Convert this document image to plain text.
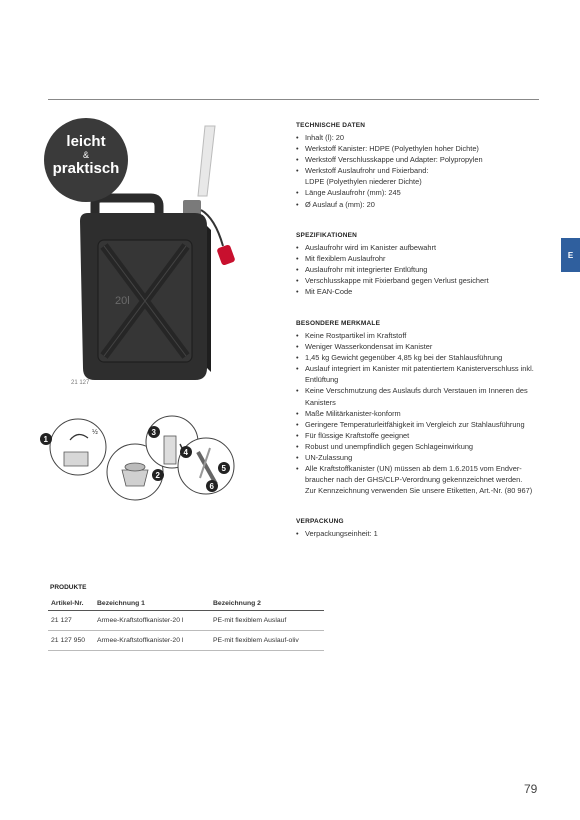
20l
leicht
&
praktisch
21 127
½
1
2
3
4
5
6
TECHNISCHE DATEN
• Inhalt (l): 20
• Werkstoff Kanister: HDPE (Polyethylen hoher Dichte)
• Werkstoff Verschlusskappe und Adapter: Polypropylen
• Werkstoff Auslaufrohr und Fixierband:
LDPE (Polyethylen niederer Dichte)
• Länge Auslaufrohr (mm): 245
• Ø Auslauf a (mm): 20
SPEZIFIKATIONEN
• Auslaufrohr wird im Kanister aufbewahrt
• Mit flexiblem Auslaufrohr
• Auslaufrohr mit integrierter Entlüftung
• Verschlusskappe mit Fixierband gegen Verlust gesichert
• Mit EAN-Code
BESONDERE MERKMALE
• Keine Rostpartikel im Kraftstoff
• Weniger Wasserkondensat im Kanister
• 1,45 kg Gewicht gegenüber 4,85 kg bei der Stahlausführung
• Auslauf integriert im Kanister mit patentiertem Kanisterverschluss inkl.
Entlüftung
• Keine Verschmutzung des Auslaufs durch Verstauen im Inneren des
Kanisters
• Maße Militärkanister-konform
• Geringere Temperaturleitfähigkeit im Vergleich zur Stahlausführung
• Für flüssige Kraftstoffe geeignet
• Robust und unempfindlich gegen Schlageinwirkung
• UN-Zulassung
• Alle Kraftstoffkanister (UN) müssen ab dem 1.6.2015 vom Endver-
braucher nach der GHS/CLP-Verordnung gekennzeichnet werden.
Zur Kennzeichnung verwenden Sie unsere Etiketten, Art.-Nr. (80 967)
VERPACKUNG
• Verpackungseinheit: 1
E
PRODUKTE
Artikel-Nr.	Bezeichnung 1	Bezeichnung 2
21 127	Armee-Kraftstoffkanister-20 l	PE-mit flexiblem Auslauf
21 127 950	Armee-Kraftstoffkanister-20 l	PE-mit flexiblem Auslauf-oliv
79
